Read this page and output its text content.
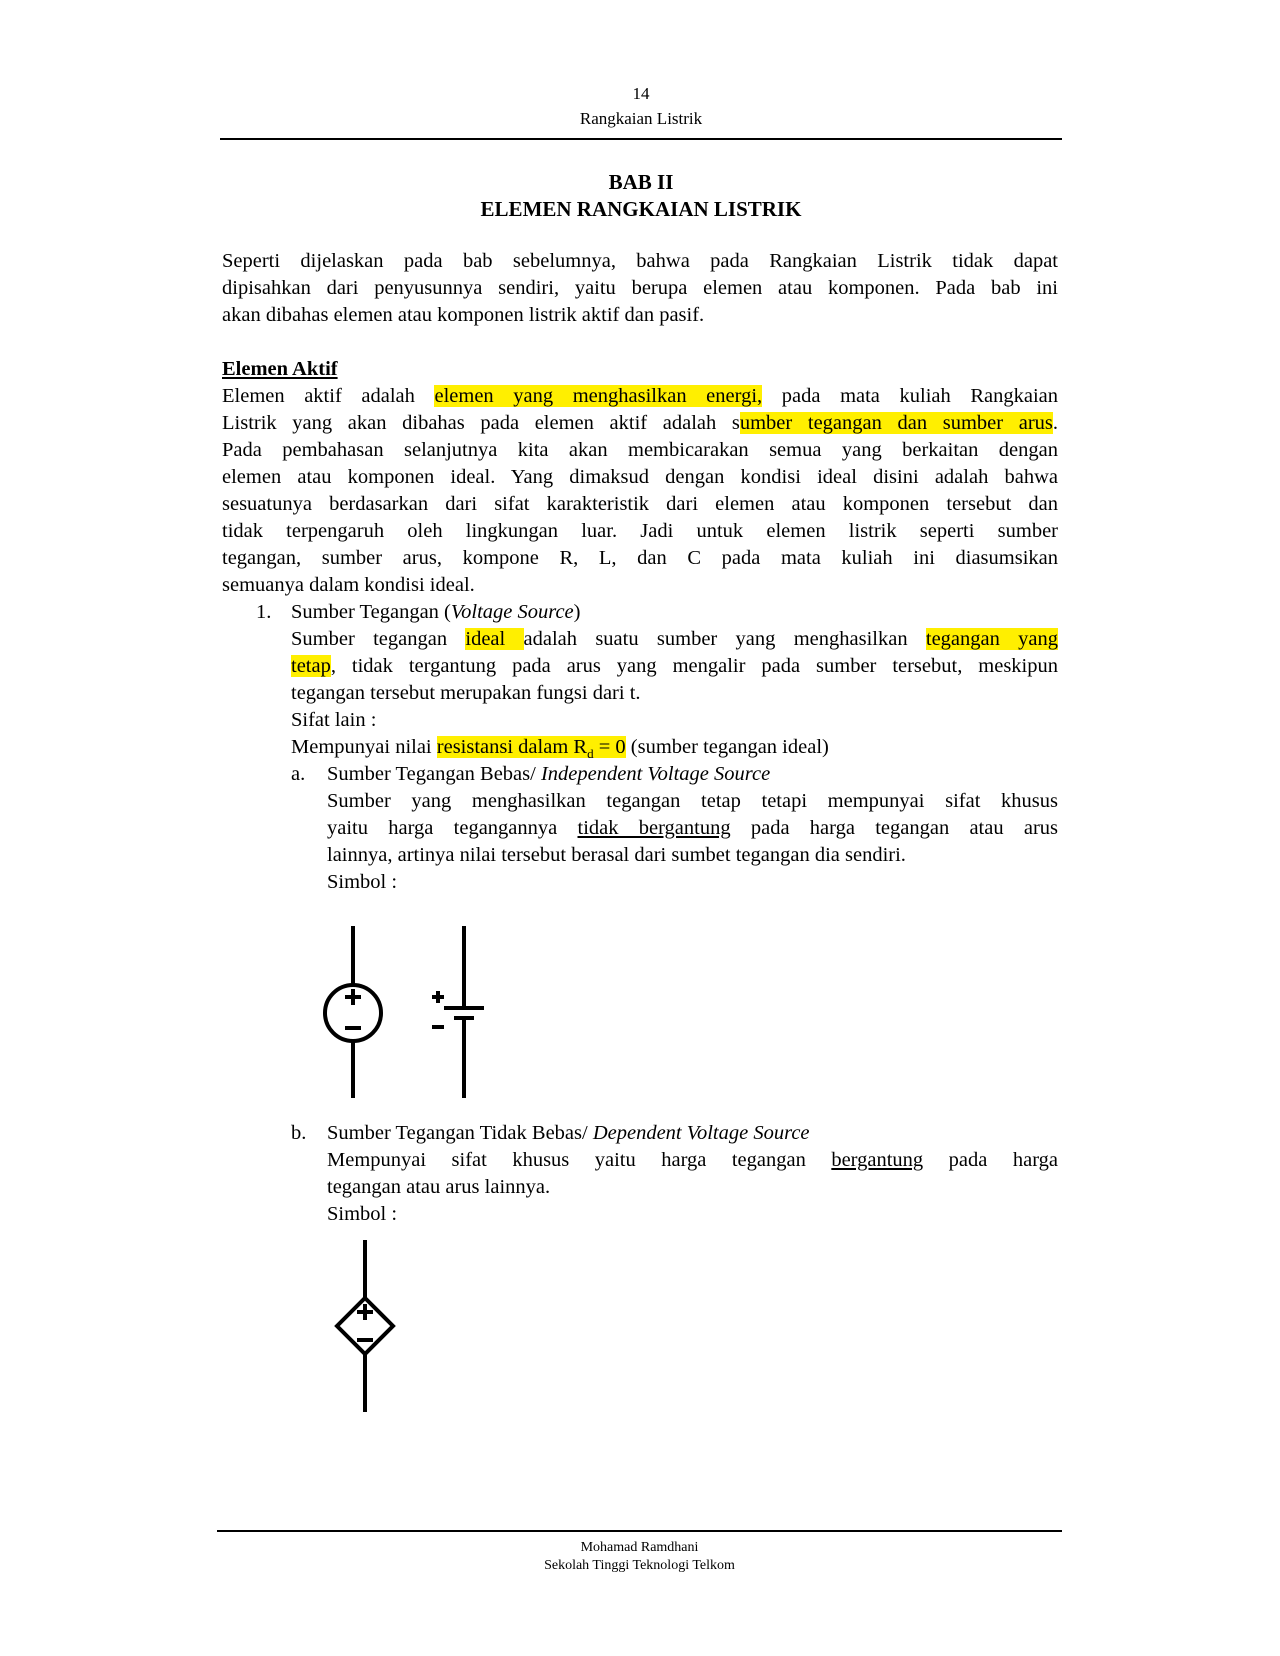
14
Rangkaian Listrik
BAB II
ELEMEN RANGKAIAN LISTRIK
Seperti dijelaskan pada bab sebelumnya, bahwa pada Rangkaian Listrik tidak dapat
dipisahkan dari penyusunnya sendiri, yaitu berupa elemen atau komponen. Pada bab ini
akan dibahas elemen atau komponen listrik aktif dan pasif.
Elemen Aktif
Elemen aktif adalah elemen yang menghasilkan energi, pada mata kuliah Rangkaian
Listrik yang akan dibahas pada elemen aktif adalah sumber tegangan dan sumber arus.
Pada pembahasan selanjutnya kita akan membicarakan semua yang berkaitan dengan
elemen atau komponen ideal. Yang dimaksud dengan kondisi ideal disini adalah bahwa
sesuatunya berdasarkan dari sifat karakteristik dari elemen atau komponen tersebut dan
tidak terpengaruh oleh lingkungan luar. Jadi untuk elemen listrik seperti sumber
tegangan, sumber arus, kompone R, L, dan C pada mata kuliah ini diasumsikan
semuanya dalam kondisi ideal.
1. Sumber Tegangan (Voltage Source)
Sumber tegangan ideal adalah suatu sumber yang menghasilkan tegangan yang
tetap, tidak tergantung pada arus yang mengalir pada sumber tersebut, meskipun
tegangan tersebut merupakan fungsi dari t.
Sifat lain :
Mempunyai nilai resistansi dalam $R_d = 0$ (sumber tegangan ideal)
a. Sumber Tegangan Bebas/ Independent Voltage Source
Sumber yang menghasilkan tegangan tetap tetapi mempunyai sifat khusus
yaitu harga tegangannya tidak bergantung pada harga tegangan atau arus
lainnya, artinya nilai tersebut berasal dari sumbet tegangan dia sendiri.
Simbol :
b. Sumber Tegangan Tidak Bebas/ Dependent Voltage Source
Mempunyai sifat khusus yaitu harga tegangan bergantung pada harga
tegangan atau arus lainnya.
Simbol :
Mohamad Ramdhani
Sekolah Tinggi Teknologi Telkom
